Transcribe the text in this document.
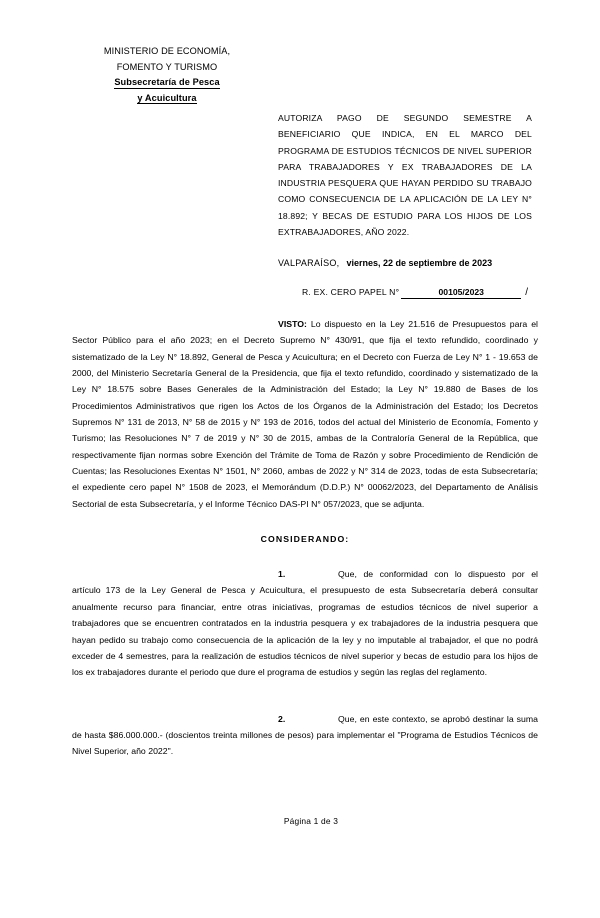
MINISTERIO DE ECONOMÍA,
FOMENTO Y TURISMO
Subsecretaría de Pesca
y Acuicultura
AUTORIZA PAGO DE SEGUNDO SEMESTRE A BENEFICIARIO QUE INDICA, EN EL MARCO DEL PROGRAMA DE ESTUDIOS TÉCNICOS DE NIVEL SUPERIOR PARA TRABAJADORES Y EX TRABAJADORES DE LA INDUSTRIA PESQUERA QUE HAYAN PERDIDO SU TRABAJO COMO CONSECUENCIA DE LA APLICACIÓN DE LA LEY N° 18.892; Y BECAS DE ESTUDIO PARA LOS HIJOS DE LOS EXTRABAJADORES, AÑO 2022.
VALPARAÍSO, viernes, 22 de septiembre de 2023
R. EX. CERO PAPEL N°	00105/2023	/

VISTO: Lo dispuesto en la Ley 21.516 de Presupuestos para el Sector Público para el año 2023; en el Decreto Supremo N° 430/91, que fija el texto refundido, coordinado y sistematizado de la Ley N° 18.892, General de Pesca y Acuicultura; en el Decreto con Fuerza de Ley N° 1 - 19.653 de 2000, del Ministerio Secretaría General de la Presidencia, que fija el texto refundido, coordinado y sistematizado de la Ley N° 18.575 sobre Bases Generales de la Administración del Estado; la Ley N° 19.880 de Bases de los Procedimientos Administrativos que rigen los Actos de los Órganos de la Administración del Estado; los Decretos Supremos N° 131 de 2013, N° 58 de 2015 y N° 193 de 2016, todos del actual del Ministerio de Economía, Fomento y Turismo; las Resoluciones N° 7 de 2019 y N° 30 de 2015, ambas de la Contraloría General de la República, que respectivamente fijan normas sobre Exención del Trámite de Toma de Razón y sobre Procedimiento de Rendición de Cuentas; las Resoluciones Exentas N° 1501, N° 2060, ambas de 2022 y N° 314 de 2023, todas de esta Subsecretaría; el expediente cero papel N° 1508 de 2023, el Memorándum (D.D.P.) N° 00062/2023, del Departamento de Análisis Sectorial de esta Subsecretaría, y el Informe Técnico DAS-PI N° 057/2023, que se adjunta.

CONSIDERANDO:

1.	Que, de conformidad con lo dispuesto por el artículo 173 de la Ley General de Pesca y Acuicultura, el presupuesto de esta Subsecretaría deberá consultar anualmente recurso para financiar, entre otras iniciativas, programas de estudios técnicos de nivel superior a trabajadores que se encuentren contratados en la industria pesquera y ex trabajadores de la industria pesquera que hayan pedido su trabajo como consecuencia de la aplicación de la ley y no imputable al trabajador, el que no podrá exceder de 4 semestres, para la realización de estudios técnicos de nivel superior y becas de estudio para los hijos de los ex trabajadores durante el periodo que dure el programa de estudios y según las reglas del reglamento.

2.	Que, en este contexto, se aprobó destinar la suma de hasta $86.000.000.- (doscientos treinta millones de pesos) para implementar el "Programa de Estudios Técnicos de Nivel Superior, año 2022".

Página 1 de 3
